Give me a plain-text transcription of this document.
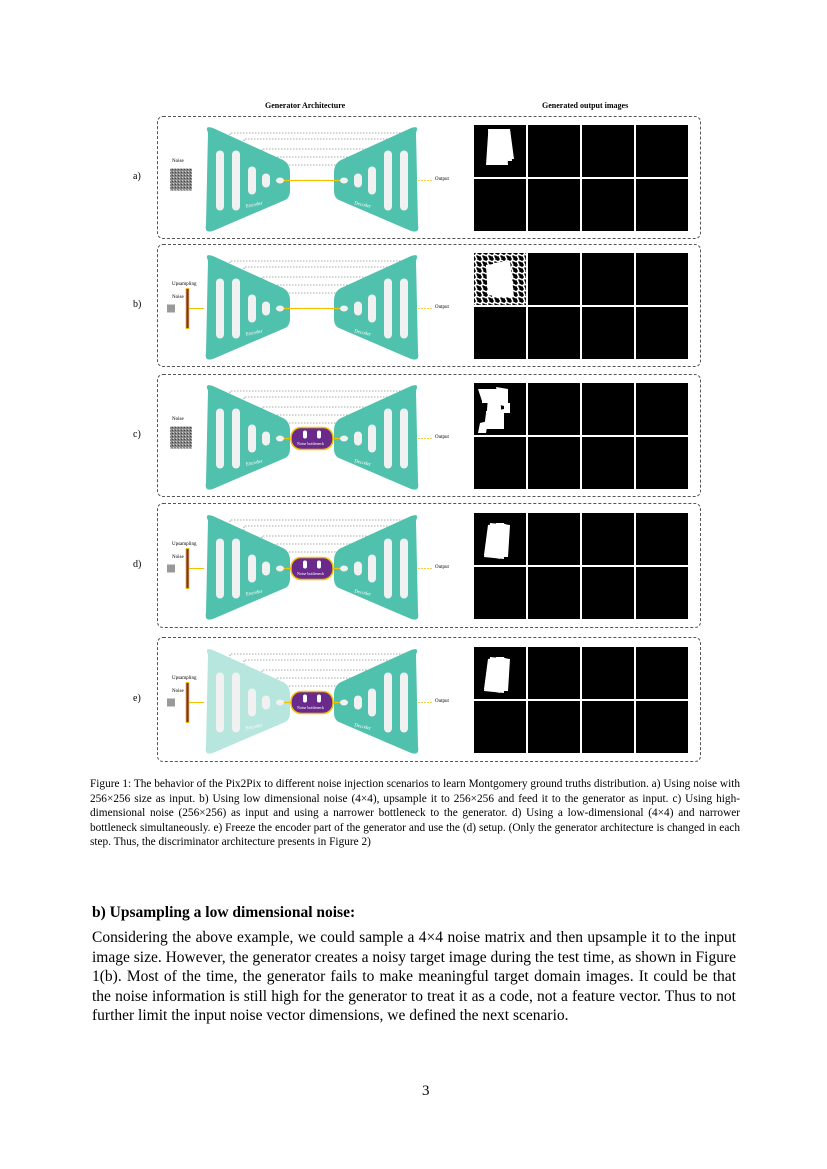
Generator Architecture	Generated output images
a)
Noise
Encoder	Decoder
Output
b)
Noise
Upsampling
Encoder	Decoder
Output
c)
Noise
Noise bottleneck
Encoder	Decoder
Output
d)
Noise
Upsampling
Noise bottleneck
Encoder	Decoder
Output
e)
Noise
Upsampling
Noise bottleneck
Encoder	Decoder
Output
Figure 1: The behavior of the Pix2Pix to different noise injection scenarios to learn Montgomery ground truths distribution. a) Using noise with 256×256 size as input. b) Using low dimensional noise (4×4), upsample it to 256×256 and feed it to the generator as input. c) Using high-dimensional noise (256×256) as input and using a narrower bottleneck to the generator. d) Using a low-dimensional (4×4) and narrower bottleneck simultaneously. e) Freeze the encoder part of the generator and use the (d) setup. (Only the generator architecture is changed in each step. Thus, the discriminator architecture presents in Figure 2)
b) Upsampling a low dimensional noise:
Considering the above example, we could sample a 4×4 noise matrix and then upsample it to the input image size. However, the generator creates a noisy target image during the test time, as shown in Figure 1(b). Most of the time, the generator fails to make meaningful target domain images. It could be that the noise information is still high for the generator to treat it as a code, not a feature vector. Thus to not further limit the input noise vector dimensions, we defined the next scenario.
3
